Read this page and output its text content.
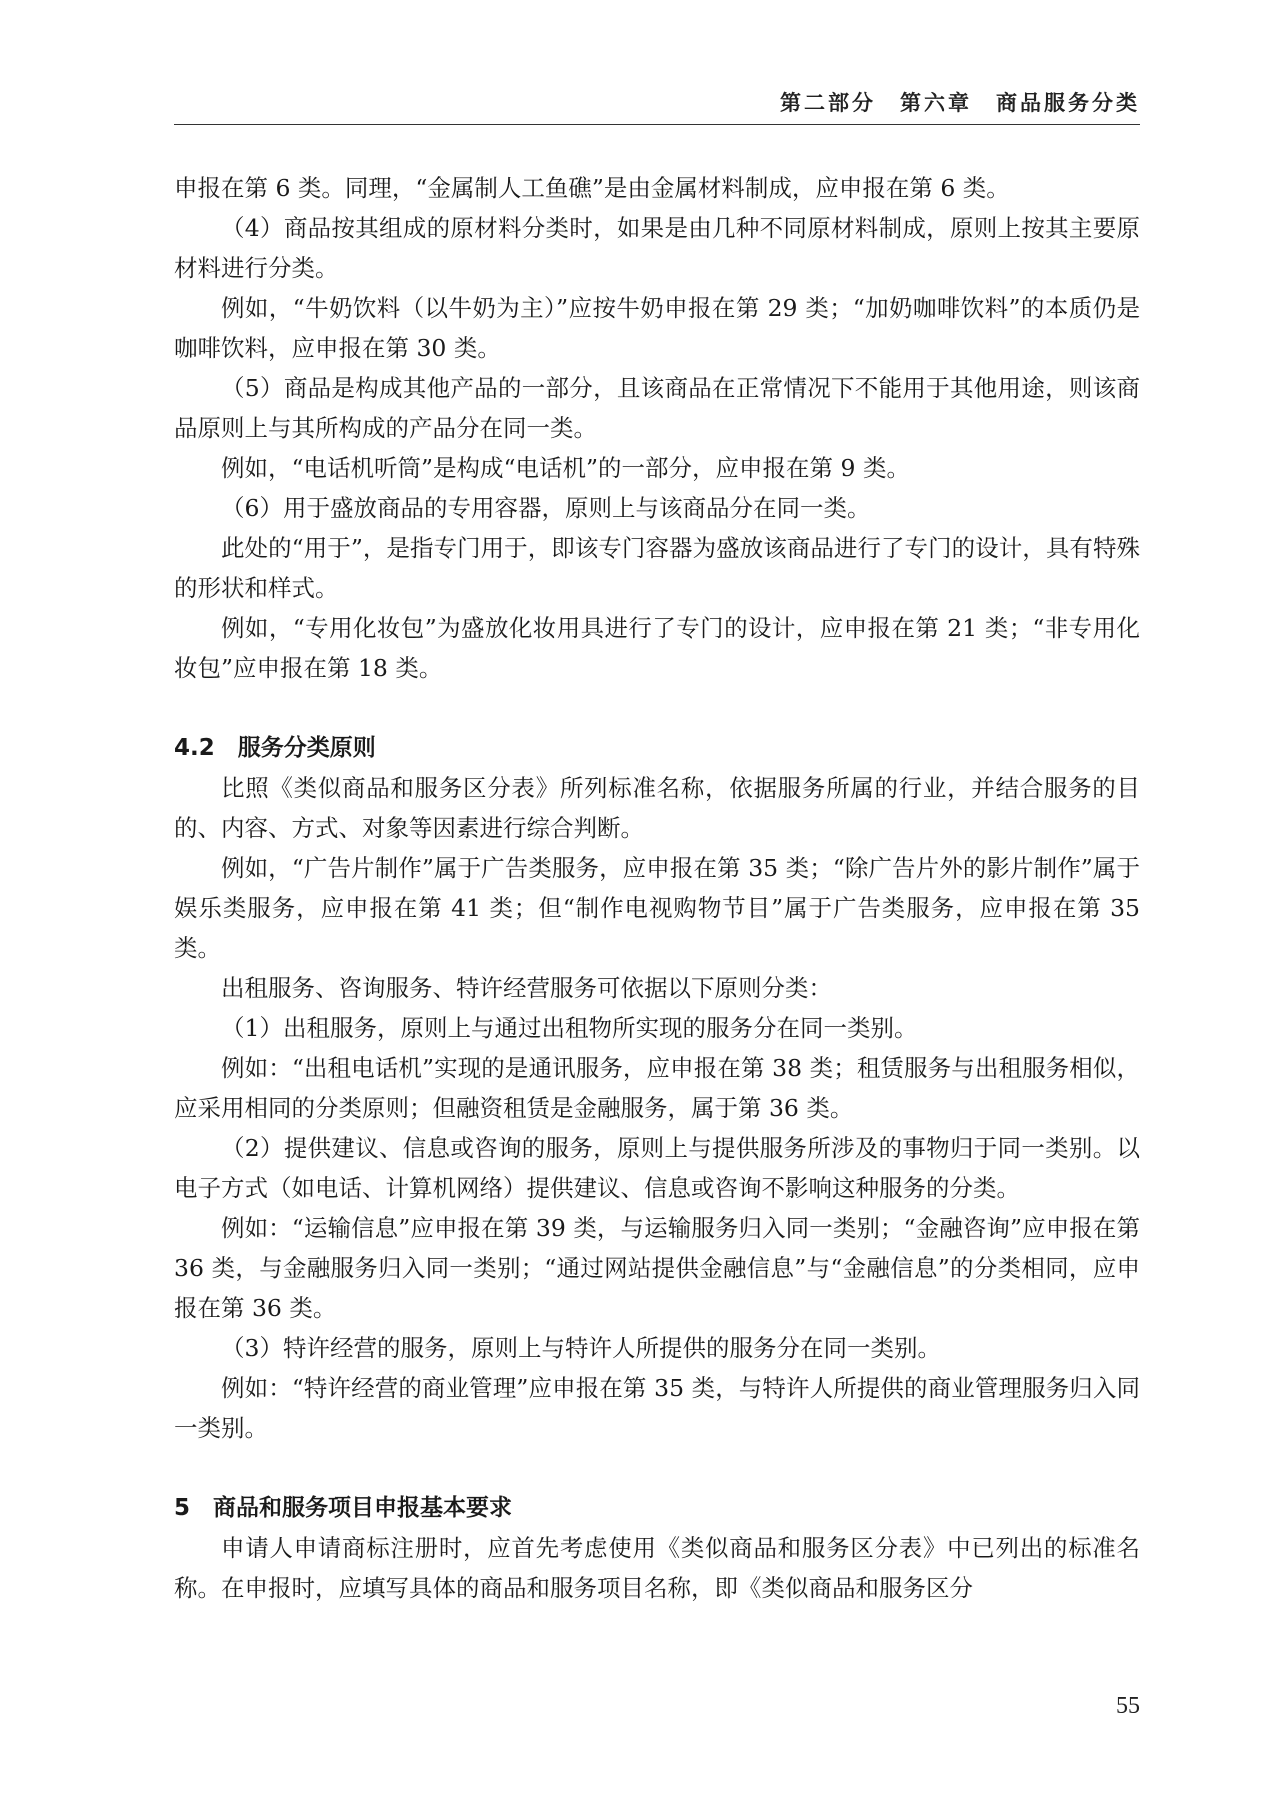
第二部分　第六章　商品服务分类

申报在第 6 类。同理，“金属制人工鱼礁”是由金属材料制成，应申报在第 6 类。

（4）商品按其组成的原材料分类时，如果是由几种不同原材料制成，原则上按其主要原材料进行分类。

例如，“牛奶饮料（以牛奶为主）”应按牛奶申报在第 29 类；“加奶咖啡饮料”的本质仍是咖啡饮料，应申报在第 30 类。

（5）商品是构成其他产品的一部分，且该商品在正常情况下不能用于其他用途，则该商品原则上与其所构成的产品分在同一类。

例如，“电话机听筒”是构成“电话机”的一部分，应申报在第 9 类。

（6）用于盛放商品的专用容器，原则上与该商品分在同一类。

此处的“用于”，是指专门用于，即该专门容器为盛放该商品进行了专门的设计，具有特殊的形状和样式。

例如，“专用化妆包”为盛放化妆用具进行了专门的设计，应申报在第 21 类；“非专用化妆包”应申报在第 18 类。

4.2　服务分类原则

比照《类似商品和服务区分表》所列标准名称，依据服务所属的行业，并结合服务的目的、内容、方式、对象等因素进行综合判断。

例如，“广告片制作”属于广告类服务，应申报在第 35 类；“除广告片外的影片制作”属于娱乐类服务，应申报在第 41 类；但“制作电视购物节目”属于广告类服务，应申报在第 35 类。

出租服务、咨询服务、特许经营服务可依据以下原则分类：

（1）出租服务，原则上与通过出租物所实现的服务分在同一类别。

例如：“出租电话机”实现的是通讯服务，应申报在第 38 类；租赁服务与出租服务相似，应采用相同的分类原则；但融资租赁是金融服务，属于第 36 类。

（2）提供建议、信息或咨询的服务，原则上与提供服务所涉及的事物归于同一类别。以电子方式（如电话、计算机网络）提供建议、信息或咨询不影响这种服务的分类。

例如：“运输信息”应申报在第 39 类，与运输服务归入同一类别；“金融咨询”应申报在第 36 类，与金融服务归入同一类别；“通过网站提供金融信息”与“金融信息”的分类相同，应申报在第 36 类。

（3）特许经营的服务，原则上与特许人所提供的服务分在同一类别。

例如：“特许经营的商业管理”应申报在第 35 类，与特许人所提供的商业管理服务归入同一类别。

5　商品和服务项目申报基本要求

申请人申请商标注册时，应首先考虑使用《类似商品和服务区分表》中已列出的标准名称。在申报时，应填写具体的商品和服务项目名称，即《类似商品和服务区分

55
